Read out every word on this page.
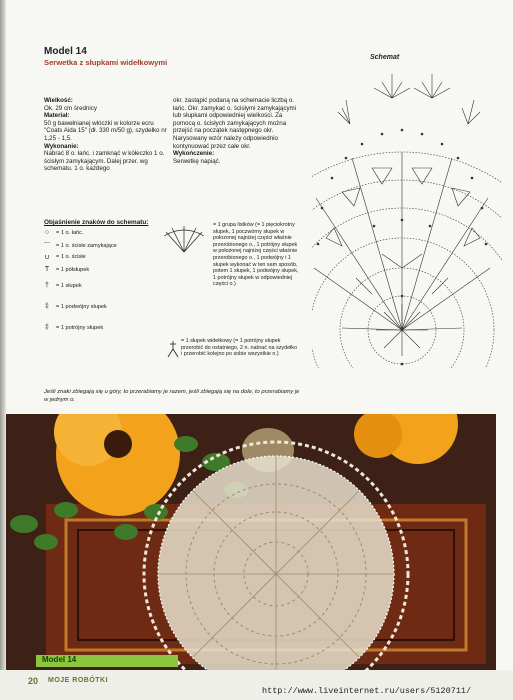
Model 14
Serwetka z słupkami widełkowymi
Wielkość:
Ok. 29 cm średnicy
Materiał:
50 g bawełnianej włóczki w kolorze ecru "Coats Aida 15" (dł. 330 m/50 g), szydełko nr 1,25 - 1,5.
Wykonanie:
Nabrać 8 o. łańc. i zamknąć w kółeczko 1 o. ścisłym zamykającym. Dalej przer. wg schematu. 1 o. każdego
okr. zastąpić podaną na schemacie liczbą o. łańc. Okr. zamykać o. ścisłymi zamykającymi lub słupkami odpowiedniej wielkości. Za pomocą o. ścisłych zamykających można przejść na początek następnego okr. Narysowany wzór należy odpowiednio kontynuować przez całe okr.
Wykończenie:
Serwetkę napiąć.
Objaśnienie znaków do schematu:
○	= 1 o. łańc.
⌒ = 1 o. ścisłe zamykające
∪	= 1 o. ścisłe
T	= 1 półsłupek
†	= 1 słupek
‡	= 1 podwójny słupek
‡	= 1 potrójny słupek
= 1 grupa listków (= 1 pięciokrotny słupek, 1 poczwórny słupek w połozonej najniżej części właśnie przerobionego o., 1 potrójny słupek w położonej najniżej części właśnie przerobionego o., 1 podwójny i 1 słupek wykonać w ten sam sposób, potem 1 słupek, 1 podwójny słupek, 1 potrójny słupek w odpowiedniej części o.)
= 1 słupek widełkowy (= 1 potrójny słupek przerobić do ostatniego, 2 n. nabrać na szydełko i przerobić kolejno po sobie wszystkie n.)
Jeśli znaki zbiegają się u góry, to przerabiamy je razem, jeśli zbiegają się na dole, to przerabiamy je w jednym o.
Schemat
Model 14
20 MOJE ROBÓTKI
http://www.liveinternet.ru/users/5120711/
